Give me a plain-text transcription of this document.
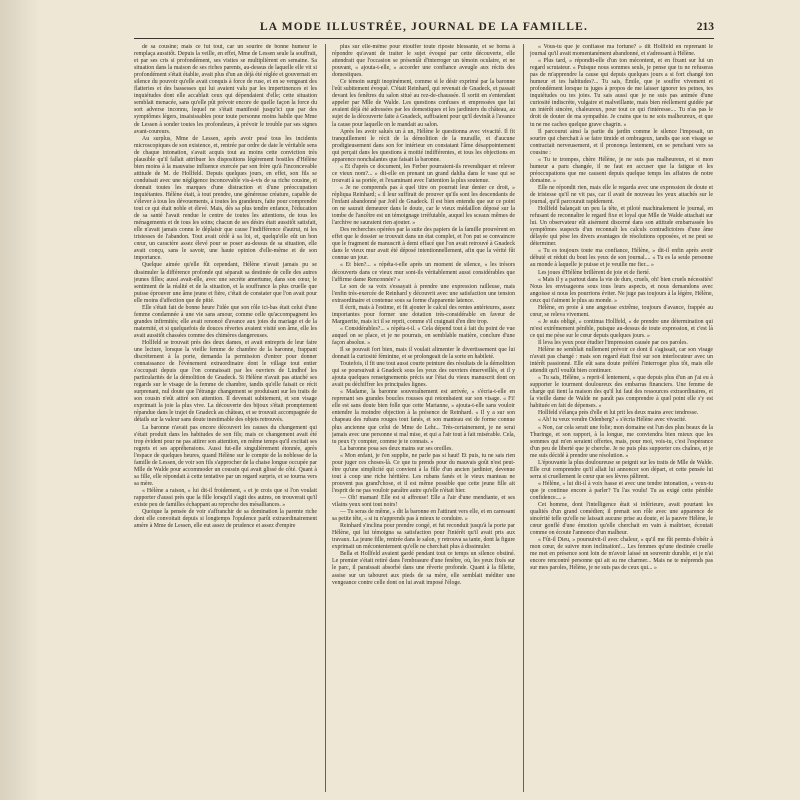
LA MODE ILLUSTRÉE, JOURNAL DE LA FAMILLE.	213

de sa cousine; mais ce fut tout, car un sourire de bonne humeur le remplaça aussitôt. Depuis la veille, en effet, Mme de Lessen seule la souffrait, et par ses cris si profondément, ses visites se multiplièrent en semaine. Sa situation dans la maison de ses riches parents, au-dessus de laquelle elle vit si profondément s'était établie, avait plus d'un an déjà été réglée et gouvernait en silence du pouvoir qu'elle avait conquis à force de ruse, et en se vengeant des flatteries et des bassesses qui lui avaient valu par les impertinences et les inquiétudes dont elle accablait ceux qui dépendaient d'elle; cette situation semblait menacée, sans qu'elle pût prévoir encore de quelle façon la force du sort adverse inconnu, lequel ne s'était manifesté jusqu'ici que par des symptômes légers, insaisissables pour toute personne moins habile que Mme de Lessen à sonder toutes les profondeurs, à prévoir le trouble par ses signes avant-coureurs.

Au surplus, Mme de Lessen, après avoir pesé tous les incidents microscopiques de son existence, et, rentrée par ordre de date le véritable sens de chaque intonation, s'avait acquis tout au moins cette conviction très plausible qu'il fallait attribuer les dispositions légèrement hostiles d'Hélène bien moins à la mauvaise influence exercée par son frère qu'à l'inconcevable attitude de M. de Hollfeld. Depuis quelques jours, en effet, son fils se conduisait avec une négligence inconcevable vis-à-vis de sa riche cousine, et donnait toutes les marques d'une distraction et d'une préoccupation inquiétantes. Hélène était, à tout prendre, une généreuse créature, capable de s'élever à tous les dévouements, à toutes les grandeurs, faite pour comprendre tout ce qui était noble et élevé. Mais, dès sa plus tendre enfance, l'éducation de sa santé l'avait rendue le centre de toutes les attentions, de tous les ménagements et de tous les soins; chacun de ses désirs était aussitôt satisfait, elle n'avait jamais connu le déplaisir que cause l'indifférence d'autrui, ni les tristesses de l'abandon. Tout avait cédé à sa loi, et, quelqu'elle eût un bon cœur, un caractère assez élevé pour se poser au-dessus de sa situation, elle avait conçu, sans le savoir, une haute opinion d'elle-même et de son importance.

Quelque aimée qu'elle fût cependant, Hélène n'avait jamais pu se dissimuler la différence profonde qui séparait sa destinée de celle des autres jeunes filles; aussi avait-elle, avec une secrète amertume, dans son cœur, le sentiment de la réalité et de la situation, et la souffrance la plus cruelle que puisse éprouver une âme jeune et fière, c'était de constater que l'on avait pour elle moins d'affection que de pitié.

Elle s'était fait de bonne heure l'idée que son rôle ici-bas était celui d'une femme condamnée à une vie sans amour, comme celle qu'accompagnent les grandes infirmités; elle avait renoncé d'avance aux joies du mariage et de la maternité, et si quelquefois de douces rêveries avaient visité son âme, elle les avait aussitôt chassées comme des chimères dangereuses.

Hollfeld se trouvait près des deux dames, et avait entrepris de leur faire une lecture, lorsque la vieille femme de chambre de la baronne, frappant discrètement à la porte, demanda la permission d'entrer pour donner connaissance de l'événement extraordinaire dont le village tout entier s'occupait depuis que l'on connaissait par les ouvriers de Lindhof les particularités de la démolition de Gnadeck. Si Hélène n'avait pas attaché ses regards sur le visage de la femme de chambre, tandis qu'elle faisait ce récit surprenant, nul doute que l'étrange changement se produisant sur les traits de son cousin n'eût attiré son attention. Il devenait subitement, et son visage exprimait la joie la plus vive. La découverte des bijoux s'était promptement répandue dans le trajet de Gnadeck au château, et se trouvait accompagnée de détails sur la valeur sans doute inestimable des objets retrouvés.

La baronne n'avait pas encore découvert les causes du changement qui s'était produit dans les habitudes de son fils; mais ce changement avait été trop évident pour ne pas attirer son attention, en même temps qu'il excitait ses regrets et ses appréhensions. Aussi fut-elle singulièrement étonnée, après l'espace de quelques heures, quand Hélène sur le compte de la noblesse de la famille de Lessen, de voir son fils s'approcher de la chaise longue occupée par Mlle de Walde pour accommoder un coussin qui avait glissé de côté. Quant à sa fille, elle répondait à cette tentative par un regard surpris, et se tourna vers sa mère.

« Hélène a raison, » lui dit-il froidement, « et je crois que si l'on voulait rapporter d'aussi près que la fille lorsqu'il s'agit des autres, on trouverait qu'il existe peu de familles échappant au reproche des mésalliances. »

Quoique la pensée de voir s'affranchir de sa domination la parente riche dont elle convoitait depuis si longtemps l'opulence parût extraordinairement amère à Mme de Lessen, elle eut assez de prudence et assez d'empire

plus sur elle-même pour étouffer toute riposte blessante, et se borna à répondre qu'avant de traiter le sujet évoqué par cette découverte, elle attendrait que l'occasion se présentât d'interroger un témoin oculaire, et ne pouvant, « ajouta-t-elle, » accorder une confiance aveugle aux récits des domestiques.

Ce témoin surgit inopinément, comme si le désir exprimé par la baronne l'eût subitement évoqué. C'était Reinhard, qui revenait de Gnadeck, et passait devant les fenêtres du salon situé au rez-de-chaussée. Il sortit en s'entendant appeler par Mlle de Walde. Les questions confuses et empressées que lui avaient déjà été adressées par les domestiques et les jardiniers du château, au sujet de la découverte faite à Gnadeck, suffisaient pour qu'il devinât à l'avance la cause pour laquelle on le mandait au salon.

Après les avoir salués un à un, Hélène le questionna avec vivacité. Il fit tranquillement le récit de la démolition de la muraille, et d'aucune prodigieusement dans son for intérieur en constatant l'âme désappointement qui perçait dans les questions à moitié indifférentes, et tous les objections en apparence nonchalantes que faisait la baronne.

« Et d'après ce document, les Ferber pourraient-ils revendiquer et relever ce vieux nom?... » dit-elle en prenant un grand dahlia dans le vase qui se trouvait à sa portée, et l'examinant avec l'attention la plus soutenue.

« Je ne comprends pas à quel titre on pourrait leur denier ce droit, » répliqua Reinhard; « il leur suffirait de prouver qu'ils sont les descendants de l'enfant abandonné par Joël de Gnadeck. Il est bien entendu que sur ce point on ne saurait demeurer dans le doute, car le vieux médaillon déposé sur la tombe de l'ancêtre est un témoignage irréfutable, auquel les sceaux mêmes de l'archive ne sauraient rien ajouter. »

Des recherches opérées par la suite des papiers de la famille prouvèrent en effet que le dossier se trouvait dans un état complet, et l'on put se convaincre que le fragment de manuscrit à demi effacé que l'on avait retrouvé à Gnadeck dans le vieux mur avait été déposé intentionnellement, afin que la vérité fût connue un jour.

« Et bien?... » répéta-t-elle après un moment de silence, « les trésors découverts dans ce vieux mur sont-ils véritablement aussi considérables que l'affirme dame Renconnée? »

Le son de sa voix s'essayait à prendre une expression railleuse, mais l'enfin très-exercée de Reinhard y découvrit avec une satisfaction une tension extraordinaire et contenue sous sa forme d'apparente latence.

Il écrit, mais à l'estime, et fit ajouter le calcul des rentes antérieures, assez importantes pour former une dotation très-considérable en faveur de Marguerite, mais ici il se reprit, comme s'il craignait d'en dire trop.

« Considérables?... » répéta-t-il. « Cela dépend tout à fait du point de vue auquel on se place, et je ne pourrais, en semblable matière, conclure d'une façon absolue. »

Il se pouvait fort bien, mais il voulait alimenter le divertissement que lui donnait la curiosité féminine, et se prolongeait de la sorte en habileté.

Toutefois, il fit une tout aussi courte peinture des résultats de la démolition qui se poursuivait à Gnadeck sous les yeux des ouvriers émerveillés, et il y ajouta quelques renseignements précis sur l'état du vieux manuscrit dont on avait pu déchiffrer les principales lignes.

« Madame, la baronne souveraînement est arrivée, » s'écria-t-elle en reprenant ses grandes boucles rousses qui retombaient sur son visage. « Fi! elle est sans doute bien folle que cette Marianne, » ajouta-t-elle sans vouloir entendre la moindre objection à la présence de Reinhard. « Il y a sur son chapeau des rubans rouges tout fanés, et son manteau est de forme connue plus ancienne que celui de Mme de Lehr... Très-certainement, je ne serai jamais avec une personne si mal mise, et qui a l'air tout à fait misérable. Cela, tu peux t'y compter, comme je te connais. »

La baronne posa ses deux mains sur ses oreilles.

« Mon enfant, je t'en supplie, ne parle pas si haut! Et puis, tu ne sais rien pour juger ces choses-là. Ce que tu prends pour du mauvais goût n'est peut-être qu'une simplicité qui convient à la fille d'un ancien jardinier, devenue tout à coup une riche héritière. Les rubans fanés et le vieux manteau ne prouvent pas grand'chose, et il est même possible que cette jeune fille ait l'esprit de ne pas vouloir paraître autre qu'elle n'était hier.

— Oh! maman! Elle est si affreuse! Elle a l'air d'une mendiante, et ses vilains yeux sont tout noirs!

— Tu seras de même, » dit la baronne en l'attirant vers elle, et en caressant sa petite tête, « si tu n'apprends pas à mieux te conduire. »

Reinhard s'inclina pour prendre congé, et fut reconduit jusqu'à la porte par Hélène, qui lui témoigna sa satisfaction pour l'intérêt qu'il avait pris aux travaux. La jeune fille, rentrée dans le salon, y retrouva sa tante, dont la figure exprimait un mécontentement qu'elle ne cherchait plus à dissimuler.

Bella et Hollfeld avaient gardé pendant tout ce temps un silence obstiné. Le premier s'était retiré dans l'embrasure d'une fenêtre, où, les yeux fixés sur le parc, il paraissait absorbé dans une rêverie profonde. Quant à la fillette, assise sur un tabouret aux pieds de sa mère, elle semblait méditer une vengeance contre celle dont on lui avait imposé l'éloge.

« Vous-tu que je confiasse ma fortune? » dit Hollfeld en reprenant le journal qu'il avait momentanément abandonné, et s'adressant à Hélène.

« Plus tard, » répondit-elle d'un ton mécontent, et en fixant sur lui un regard scrutateur. « Puisque nous sommes seuls, je pense que tu ne refuseras pas de m'apprendre la cause qui depuis quelques jours a si fort changé ton humeur et tes habitudes?... Tu sais, Émile, que je souffre vivement et profondément lorsque tu juges à propos de me laisser ignorer tes peines, tes inquiétudes ou tes joies. Tu sais aussi que je ne suis pas animée d'une curiosité indiscrète, vulgaire et malveillante, mais bien réellement guidée par un intérêt sincère, chaleureux, pour tout ce qui t'intéresse.... Tu n'as pas le droit de douter de ma sympathie. Je crains que tu ne sois malheureux, et que tu ne me caches quelque grave chagrin. »

Il parcourut ainsi la partie du jardin comme le silence l'imposait, un sourire qui cherchait à se faire timide et ombrageux, tandis que son visage se contractait nerveusement, et il prononça lentement, en se penchant vers sa cousine :

« Tu te trompes, chère Hélène, je ne suis pas malheureux, et si mon humeur a paru changée, il ne faut en accuser que la fatigue et les préoccupations que me causent depuis quelque temps les affaires de notre domaine. »

Elle ne répondit rien, mais elle le regarda avec une expression de doute et de tristesse qu'il ne vit pas, car il avait de nouveau les yeux attachés sur le journal, qu'il parcourait rapidement.

Hollfeld balançait un peu la tête, et piloté machinalement le journal, en refusant de reconnaître le regard fixe et loyal que Mlle de Walde attachait sur lui. Un observateur eût aisément discerné dans son attitude embarrassée les symptômes suspects d'un reconnaît les calculs contradictoires d'une âme délayée qui pèse les divers avantages de résolutions opposées, et ne peut se déterminer.

« Tu es toujours toute ma confiance, Hélène, » dit-il enfin après avoir débuté et réduit du bout les yeux de son journal.... « Tu es la seule personne au monde à laquelle je puisse et je veuille me fier... »

Les joues d'Hélène brillèrent de joie et de fierté.

« Mais il y a partout dans la vie de durs, cruels, oh! bien cruels nécessités! Nous les envisageons sous tous leurs aspects, et nous demandons avec angoisse si nous les pourrions éviter. Ne juge pas toujours à la légère, Hélène, ceux qui t'aiment le plus au monde. »

Hélène, en proie à une angoisse extrême, toujours d'avance, frappée au cœur, se releva vivement.

« Je suis obligé, » continua Hollfeld, « de prendre une détermination qui m'est extrêmement pénible, puisque au-dessus de toute expression, et c'est là ce qui me pèse sur le cœur depuis quelques jours. »

Il leva les yeux pour étudier l'impression causée par ces paroles.

Hélène ne semblait nullement prévoir ce dont il s'agissait, car son visage n'avait pas changé : mais son regard était fixé sur son interlocuteur avec un intérêt passionné. Elle eût sans doute préféré l'interroger plus tôt, mais elle attendit qu'il voulût bien continuer.

« Tu sais, Hélène, » reprit-il lentement, « que depuis plus d'un an j'ai eu à supporter le tourment douloureux des embarras financiers. Une femme de charge qui tient la maison des qu'il lui faut des ressources extraordinaires, et la vieille dame de Walde ne paraît pas comprendre à quel point elle s'y est habituée en fait de dépenses. »

Hollfeld s'élança près d'elle et lui prit les deux mains avec tendresse.

« Ah! tu veux vendre Odenberg? » s'écria Hélène avec vivacité.

« Non, car cela serait une folie; mon domaine est l'un des plus beaux de la Thuringe, et son rapport, à la longue, me conviendra bien mieux que les sommes qui m'en seraient offertes, mais, pour moi, vois-tu, c'est l'espérance d'un peu de liberté que je cherche. Je ne puis plus supporter ces chaînes, et je me suis décidé à prendre une résolution. »

L'épouvante la plus douloureuse se peignit sur les traits de Mlle de Walde. Elle crut comprendre qu'il allait lui annoncer son départ, et cette pensée lui serra si cruellement le cœur que ses lèvres pâlirent.

« Hélène, » lui dit-il à voix basse et avec une tendre intonation, « veux-tu que je continue encore à parler? Tu l'as voulu! Tu as exigé cette pénible confidence.... »

Cet homme, dont l'intelligence était si inférieure, avait pourtant les qualités d'un grand comédien; il prenait son rôle avec une apparence de sincérité telle qu'elle ne laissait aucune prise au doute, et la pauvre Hélène, le cœur gonflé d'une émotion qu'elle cherchait en vain à maîtriser, écoutait comme on écoute l'annonce d'un malheur.

« Fût-il Dieu, » poursuivit-il avec chaleur, « qu'il me fût permis d'obéir à mon cœur, de suivre mon inclination!... Les femmes qu'une destinée cruelle me met en présence sont loin de m'avoir laissé un souvenir durable, et je n'ai encore rencontré personne qui ait su me charmer... Mais ne te méprends pas sur mes paroles, Hélène, je ne suis pas de ceux qui... »
